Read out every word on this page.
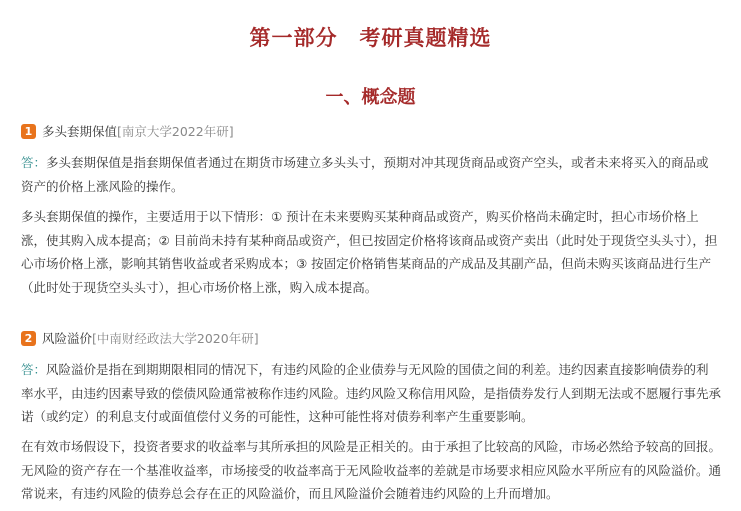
第一部分　考研真题精选
一、概念题
1 多头套期保值 [南京大学2022年研]

答：多头套期保值是指套期保值者通过在期货市场建立多头头寸，预期对冲其现货商品或资产空头，或者未来将买入的商品或资产的价格上涨风险的操作。

多头套期保值的操作，主要适用于以下情形：① 预计在未来要购买某种商品或资产，购买价格尚未确定时，担心市场价格上涨，使其购入成本提高；② 目前尚未持有某种商品或资产，但已按固定价格将该商品或资产卖出（此时处于现货空头头寸），担心市场价格上涨，影响其销售收益或者采购成本；③ 按固定价格销售某商品的产成品及其副产品，但尚未购买该商品进行生产（此时处于现货空头头寸），担心市场价格上涨，购入成本提高。

2 风险溢价 [中南财经政法大学2020年研]

答：风险溢价是指在到期期限相同的情况下，有违约风险的企业债券与无风险的国债之间的利差。违约因素直接影响债券的利率水平，由违约因素导致的偿债风险通常被称作违约风险。违约风险又称信用风险，是指债券发行人到期无法或不愿履行事先承诺（或约定）的利息支付或面值偿付义务的可能性，这种可能性将对债券利率产生重要影响。

在有效市场假设下，投资者要求的收益率与其所承担的风险是正相关的。由于承担了比较高的风险，市场必然给予较高的回报。无风险的资产存在一个基准收益率，市场接受的收益率高于无风险收益率的差就是市场要求相应风险水平所应有的风险溢价。通常说来，有违约风险的债券总会存在正的风险溢价，而且风险溢价会随着违约风险的上升而增加。
